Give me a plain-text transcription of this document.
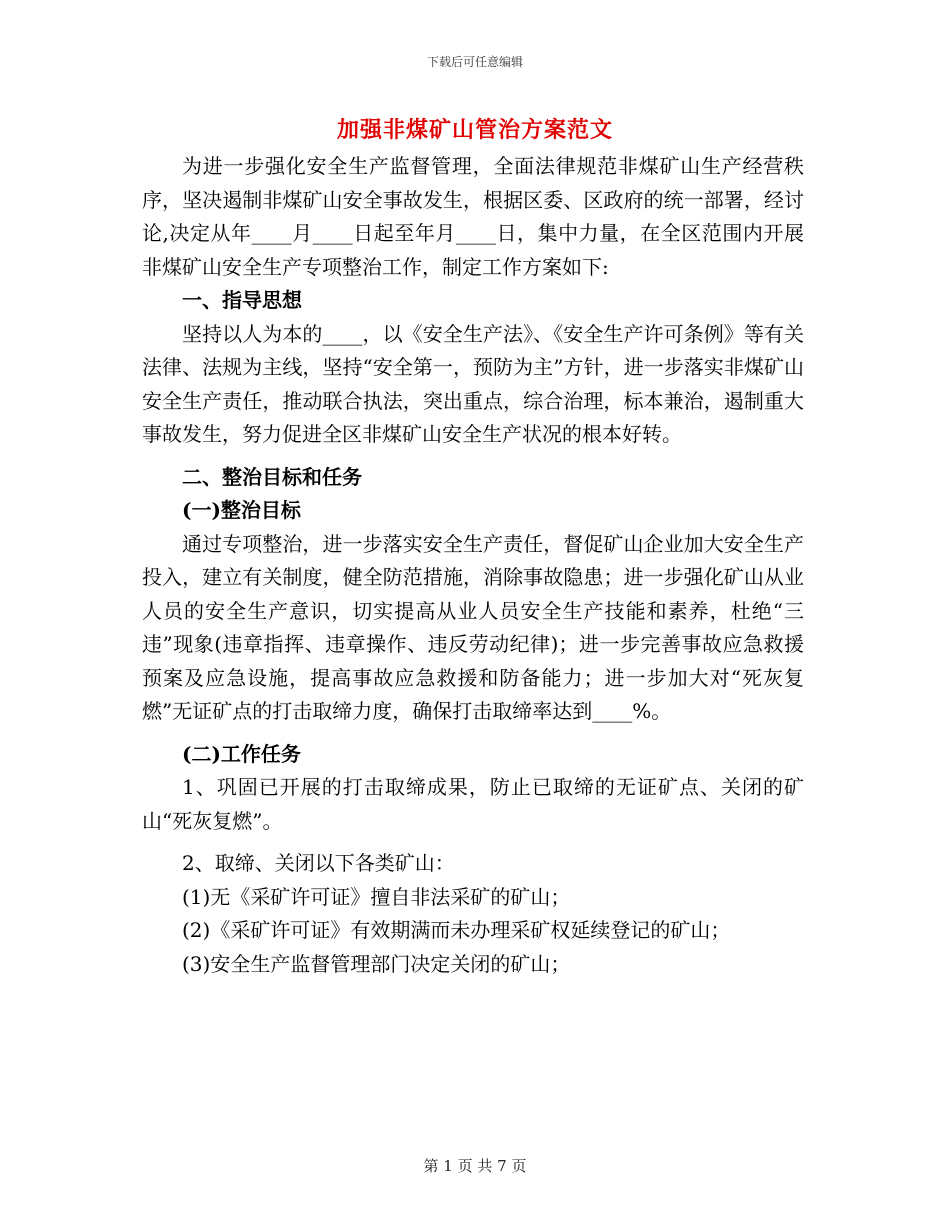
下载后可任意编辑
加强非煤矿山管治方案范文

为进一步强化安全生产监督管理，全面法律规范非煤矿山生产经营秩序，坚决遏制非煤矿山安全事故发生，根据区委、区政府的统一部署，经讨论,决定从年____月____日起至年月____日，集中力量，在全区范围内开展非煤矿山安全生产专项整治工作，制定工作方案如下:

一、指导思想

坚持以人为本的____，以《安全生产法》、《安全生产许可条例》等有关法律、法规为主线，坚持“安全第一，预防为主”方针，进一步落实非煤矿山安全生产责任，推动联合执法，突出重点，综合治理，标本兼治，遏制重大事故发生，努力促进全区非煤矿山安全生产状况的根本好转。

二、整治目标和任务

(一)整治目标

通过专项整治，进一步落实安全生产责任，督促矿山企业加大安全生产投入，建立有关制度，健全防范措施，消除事故隐患；进一步强化矿山从业人员的安全生产意识，切实提高从业人员安全生产技能和素养，杜绝“三违”现象(违章指挥、违章操作、违反劳动纪律)；进一步完善事故应急救援预案及应急设施，提高事故应急救援和防备能力；进一步加大对“死灰复燃”无证矿点的打击取缔力度，确保打击取缔率达到____%。

(二)工作任务

1、巩固已开展的打击取缔成果，防止已取缔的无证矿点、关闭的矿山“死灰复燃”。

2、取缔、关闭以下各类矿山：

(1)无《采矿许可证》擅自非法采矿的矿山；

(2)《采矿许可证》有效期满而未办理采矿权延续登记的矿山；

(3)安全生产监督管理部门决定关闭的矿山；

第 1 页 共 7 页
